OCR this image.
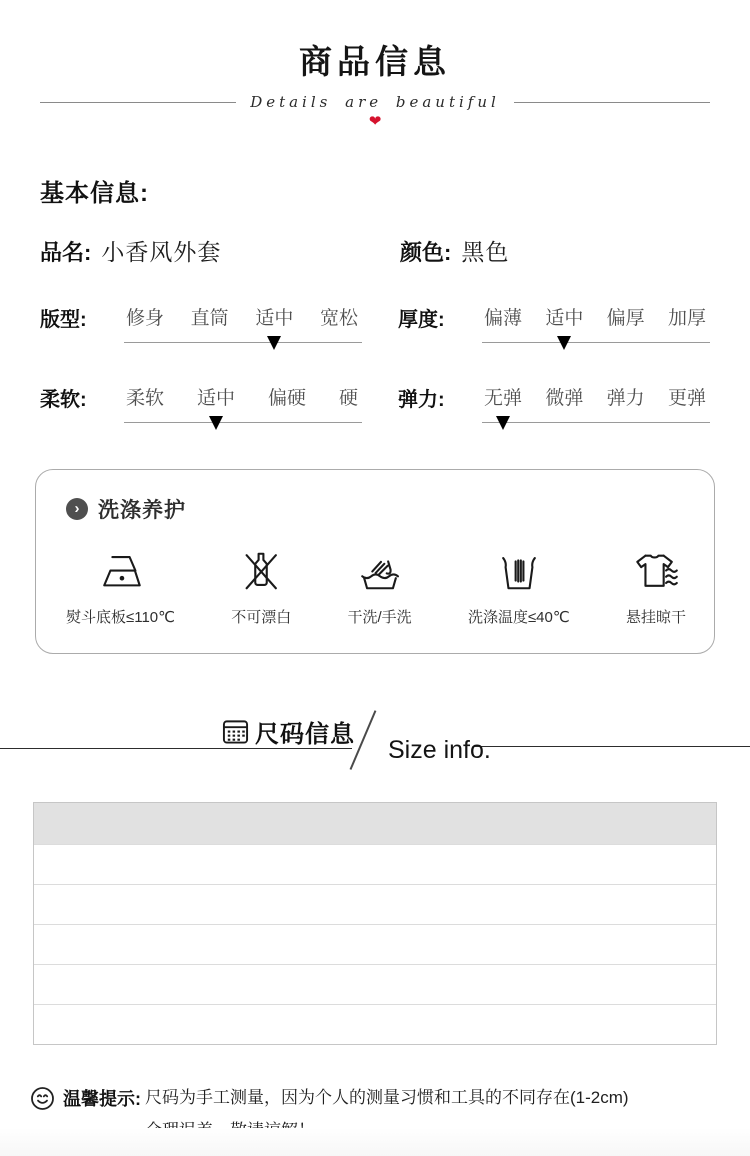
商品信息
Details are beautiful
❤
基本信息:
品名: 小香风外套	颜色: 黑色
版型:	修身 直筒 适中 宽松 厚度:	偏薄 适中 偏厚 加厚
柔软:	柔软 适中 偏硬 硬 弹力:	无弹 微弹 弹力 更弹
› 洗涤养护
熨斗底板≤110℃	不可漂白	干洗/手洗	洗涤温度≤40℃	悬挂晾干
尺码信息
Size info.
温馨提示: 尺码为手工测量，因为个人的测量习惯和工具的不同存在(1-2cm)
